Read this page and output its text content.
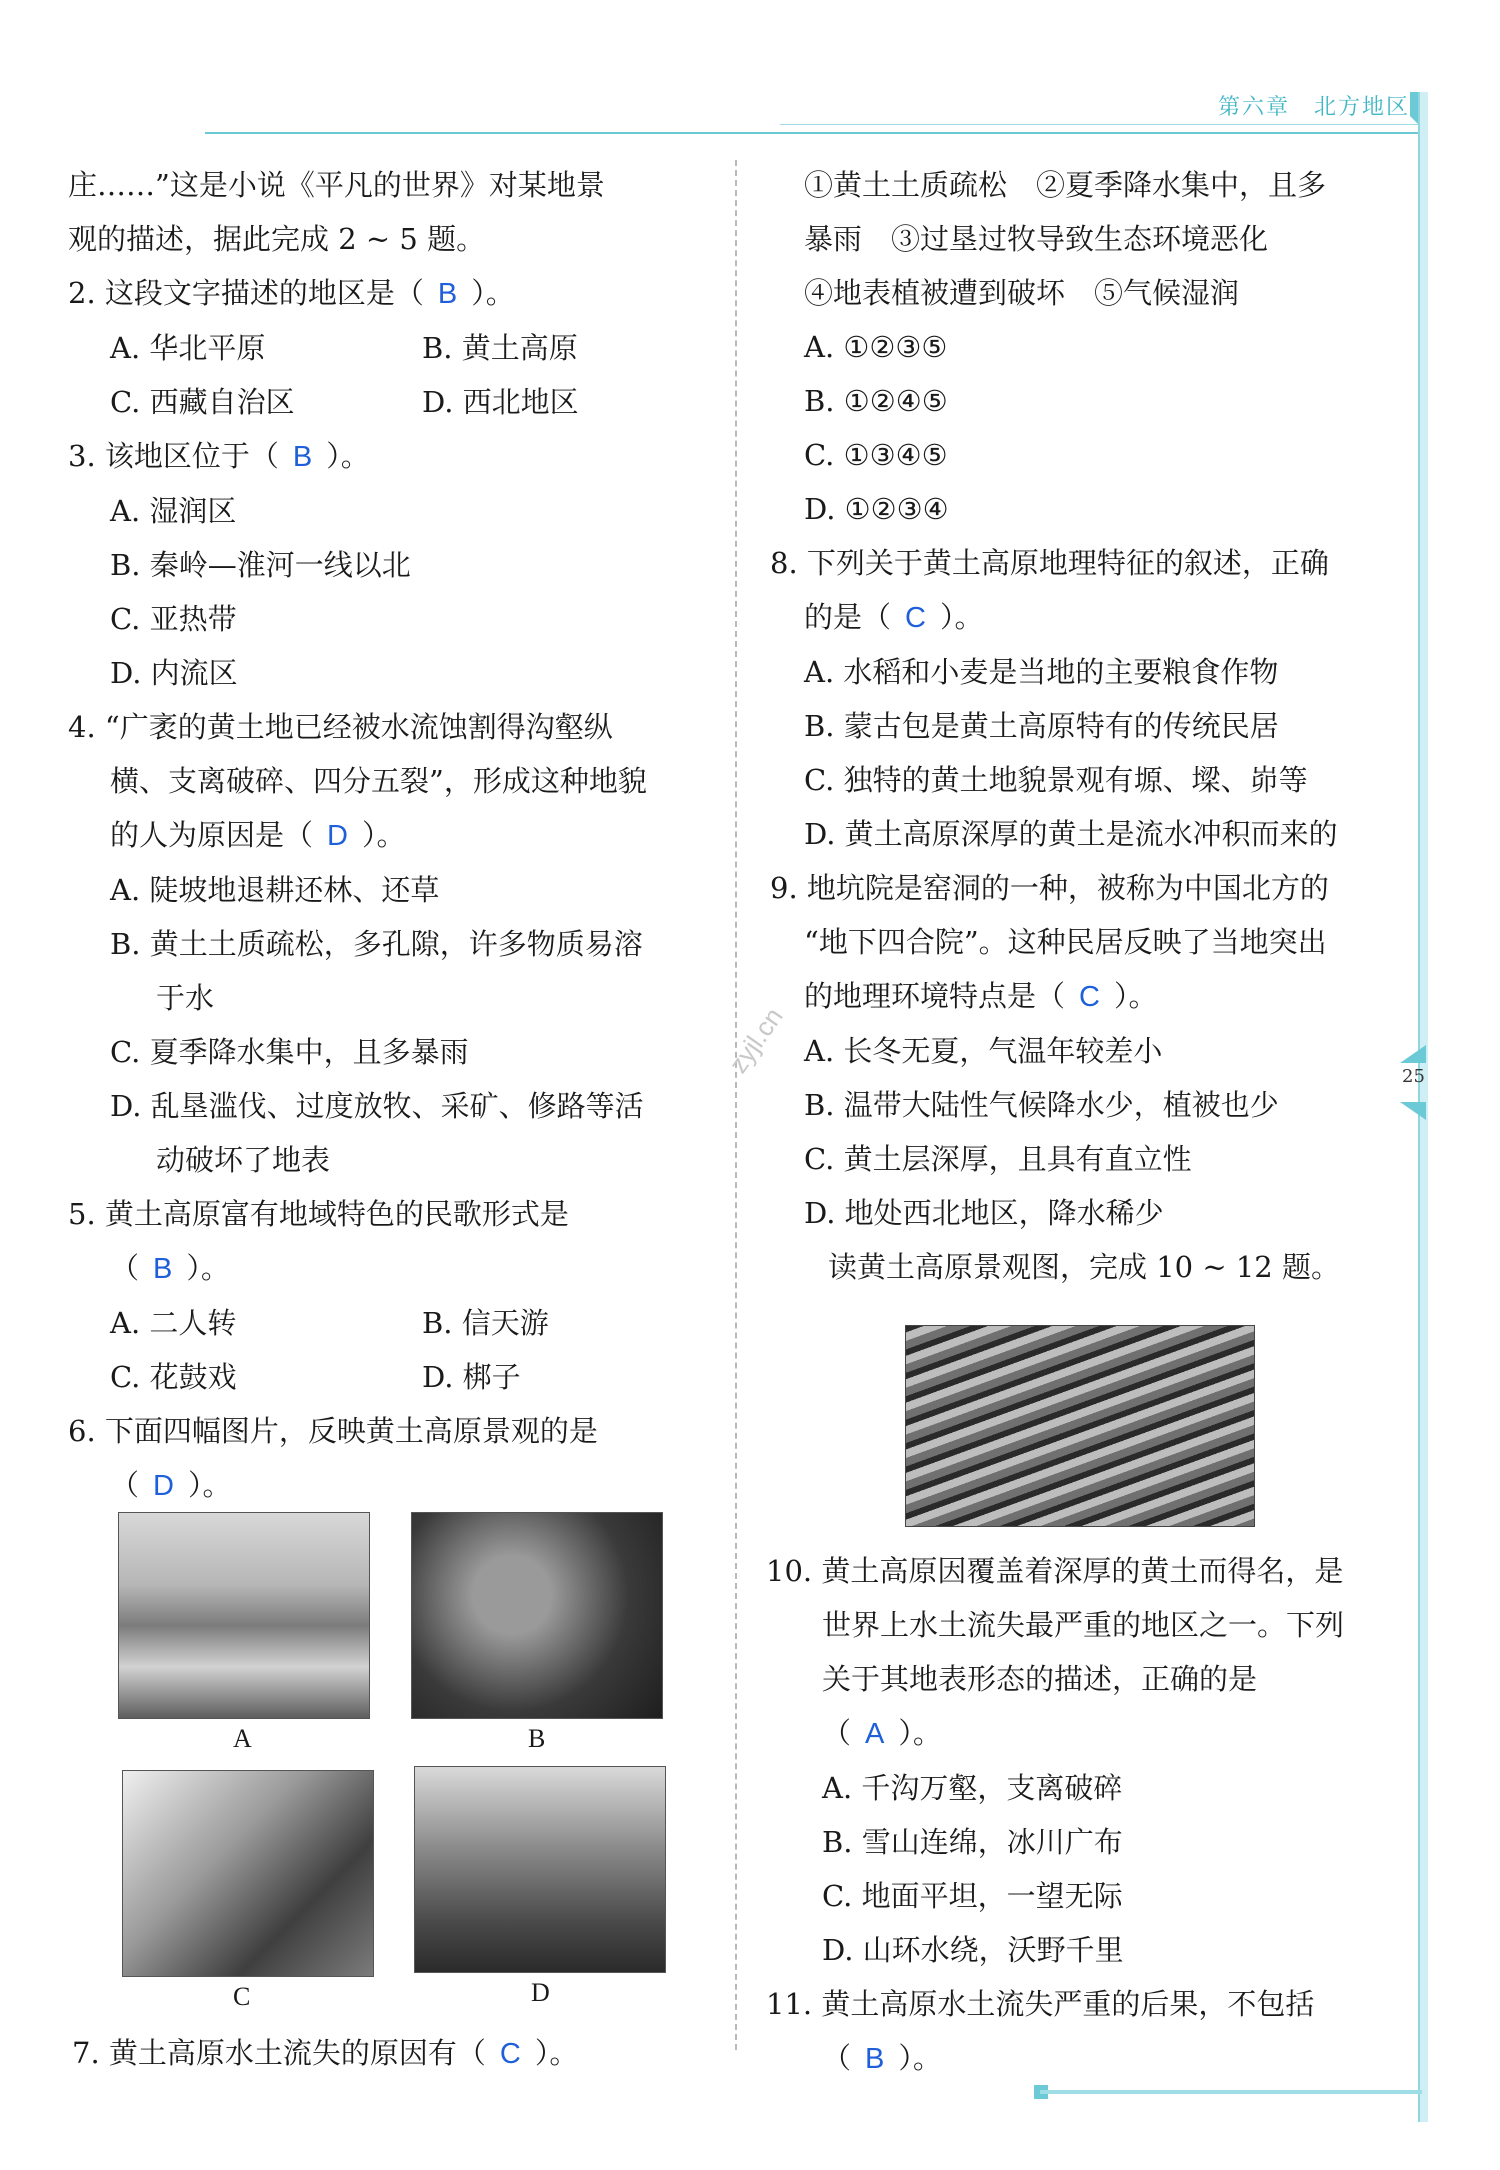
第六章　北方地区
25
zyjl.cn
庄……”这是小说《平凡的世界》对某地景
观的描述，据此完成 2 ~ 5 题。
2. 这段文字描述的地区是（ B ）。
A. 华北平原	B. 黄土高原
C. 西藏自治区	D. 西北地区
3. 该地区位于（ B ）。
A. 湿润区
B. 秦岭—淮河一线以北
C. 亚热带
D. 内流区
4. “广袤的黄土地已经被水流蚀割得沟壑纵
横、支离破碎、四分五裂”，形成这种地貌
的人为原因是（ D ）。
A. 陡坡地退耕还林、还草
B. 黄土土质疏松，多孔隙，许多物质易溶
于水
C. 夏季降水集中，且多暴雨
D. 乱垦滥伐、过度放牧、采矿、修路等活
动破坏了地表
5. 黄土高原富有地域特色的民歌形式是
（ B ）。
A. 二人转	B. 信天游
C. 花鼓戏	D. 梆子
6. 下面四幅图片，反映黄土高原景观的是
（ D ）。
A	B
C	D
7. 黄土高原水土流失的原因有（ C ）。
①黄土土质疏松　②夏季降水集中，且多
暴雨　③过垦过牧导致生态环境恶化
④地表植被遭到破坏　⑤气候湿润
A. ①②③⑤
B. ①②④⑤
C. ①③④⑤
D. ①②③④
8. 下列关于黄土高原地理特征的叙述，正确
的是（ C ）。
A. 水稻和小麦是当地的主要粮食作物
B. 蒙古包是黄土高原特有的传统民居
C. 独特的黄土地貌景观有塬、墚、峁等
D. 黄土高原深厚的黄土是流水冲积而来的
9. 地坑院是窑洞的一种，被称为中国北方的
“地下四合院”。这种民居反映了当地突出
的地理环境特点是（ C ）。
A. 长冬无夏，气温年较差小
B. 温带大陆性气候降水少，植被也少
C. 黄土层深厚，且具有直立性
D. 地处西北地区，降水稀少
读黄土高原景观图，完成 10 ~ 12 题。
10. 黄土高原因覆盖着深厚的黄土而得名，是
世界上水土流失最严重的地区之一。下列
关于其地表形态的描述，正确的是
（ A ）。
A. 千沟万壑，支离破碎
B. 雪山连绵，冰川广布
C. 地面平坦，一望无际
D. 山环水绕，沃野千里
11. 黄土高原水土流失严重的后果，不包括
（ B ）。
